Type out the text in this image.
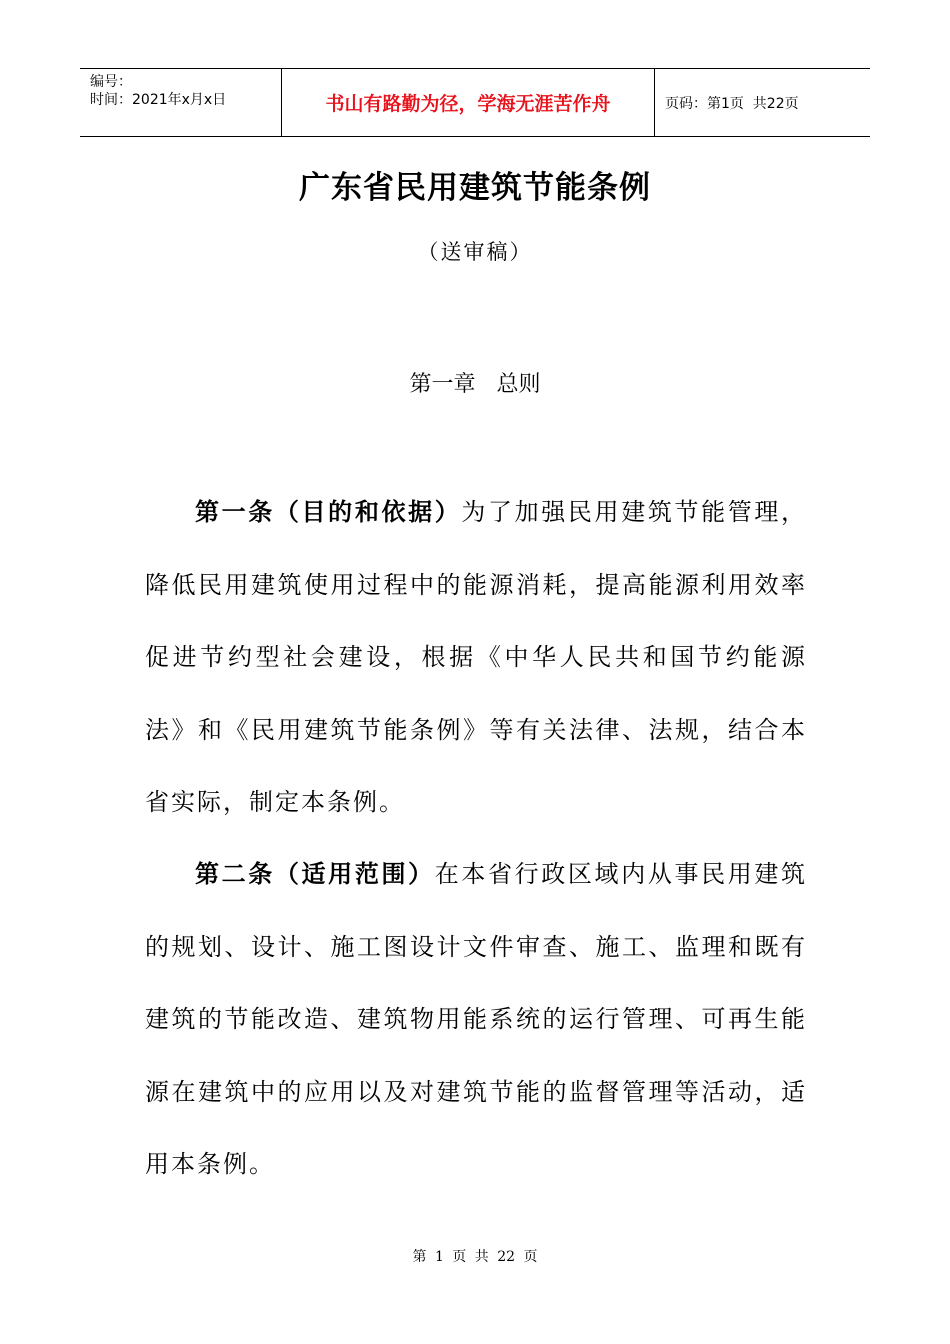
编号：
时间：2021年x月x日	书山有路勤为径，学海无涯苦作舟	页码：第1页  共22页
广东省民用建筑节能条例
（送审稿）
第一章   总则
第一条（目的和依据）为了加强民用建筑节能管理，降低民用建筑使用过程中的能源消耗，提高能源利用效率促进节约型社会建设，根据《中华人民共和国节约能源法》和《民用建筑节能条例》等有关法律、法规，结合本省实际，制定本条例。
第二条（适用范围）在本省行政区域内从事民用建筑的规划、设计、施工图设计文件审查、施工、监理和既有建筑的节能改造、建筑物用能系统的运行管理、可再生能源在建筑中的应用以及对建筑节能的监督管理等活动，适用本条例。
第 1 页 共 22 页
